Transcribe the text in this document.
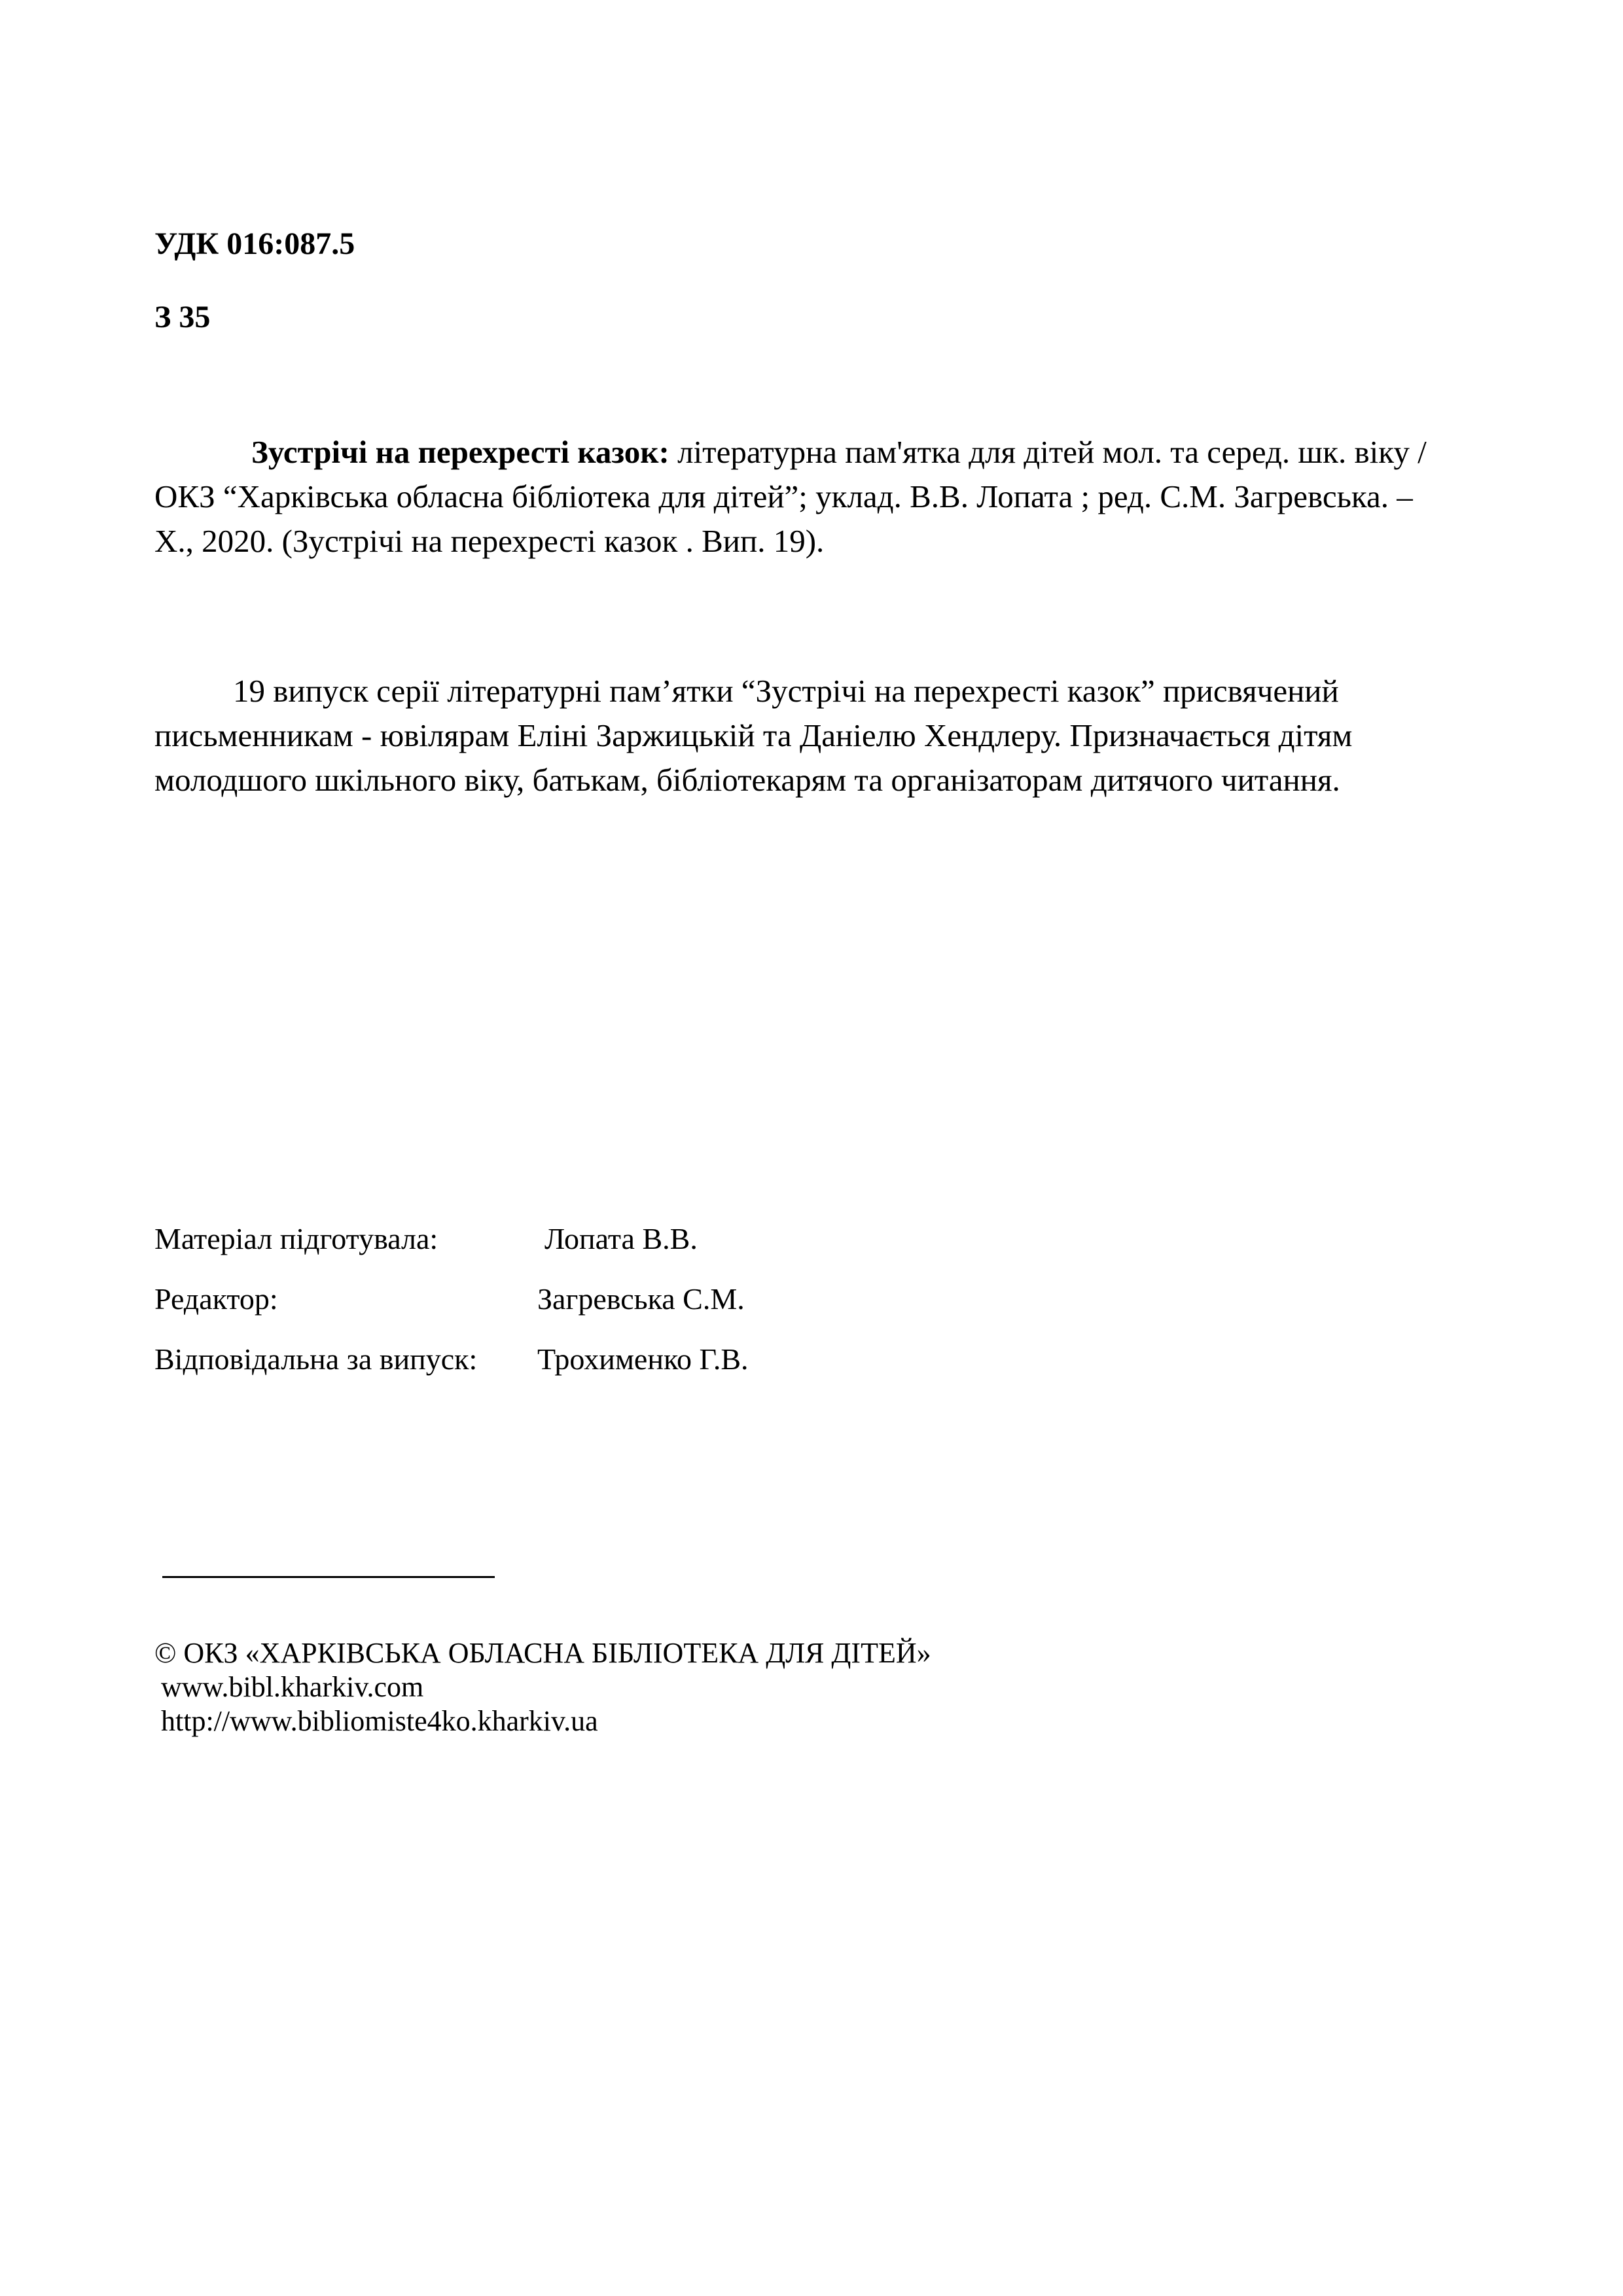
УДК 016:087.5
З 35
Зустрічі на перехресті казок: літературна пам'ятка для дітей мол. та серед. шк. віку /
ОКЗ “Харківська обласна бібліотека для дітей”; уклад. В.В. Лопата ; ред. С.М. Загревська. –
Х., 2020. (Зустрічі на перехресті казок . Вип. 19).
19 випуск серії літературні пам’ятки “Зустрічі на перехресті казок” присвячений
письменникам - ювілярам Еліні Заржицькій та Даніелю Хендлеру. Призначається дітям
молодшого шкільного віку, батькам, бібліотекарям та організаторам дитячого читання.
Матеріал підготувала:	Лопата В.В.
Редактор:	Загревська С.М.
Відповідальна за випуск: Трохименко Г.В.
© ОКЗ «ХАРКІВСЬКА ОБЛАСНА БІБЛІОТЕКА ДЛЯ ДІТЕЙ»
www.bibl.kharkiv.com
http://www.bibliomiste4ko.kharkiv.ua
